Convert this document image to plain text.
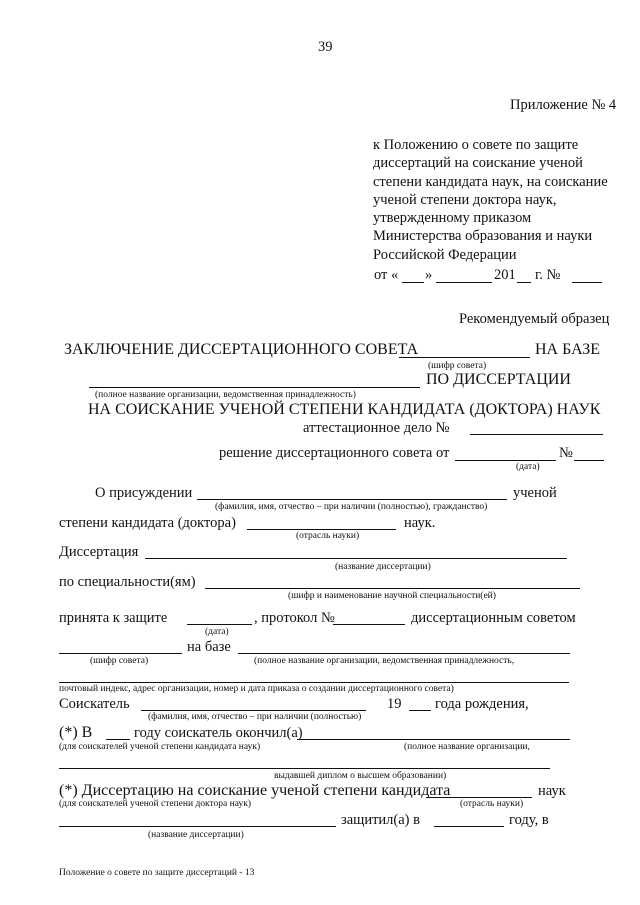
39
Приложение № 4
к Положению о совете по защите
диссертаций на соискание ученой
степени кандидата наук, на соискание
ученой степени доктора наук,
утвержденному приказом
Министерства образования и науки
Российской Федерации
от « »	201 г. №
Рекомендуемый образец
ЗАКЛЮЧЕНИЕ ДИССЕРТАЦИОННОГО СОВЕТА	НА БАЗЕ
(шифр совета)
ПО ДИССЕРТАЦИИ
(полное название организации, ведомственная принадлежность)
НА СОИСКАНИЕ УЧЕНОЙ СТЕПЕНИ КАНДИДАТА (ДОКТОРА) НАУК
аттестационное дело №
решение диссертационного совета от	№
(дата)
О присуждении	ученой
(фамилия, имя, отчество – при наличии (полностью), гражданство)
степени кандидата (доктора)	наук.
(отрасль науки)
Диссертация
(название диссертации)
по специальности(ям)
(шифр и наименование научной специальности(ей)
принята к защите	, протокол №	диссертационным советом
(дата)
на базе
(шифр совета)	(полное название организации, ведомственная принадлежность,
почтовый индекс, адрес организации, номер и дата приказа о создании диссертационного совета)
Соискатель	19 года рождения,
(фамилия, имя, отчество – при наличии (полностью)
(*) В	году соискатель окончил(а)
(для соискателей ученой степени кандидата наук)	(полное название организации,
выдавшей диплом о высшем образовании)
(*) Диссертацию на соискание ученой степени кандидата	наук
(для соискателей ученой степени доктора наук)	(отрасль науки)
защитил(а) в	году, в
(название диссертации)
Положение о совете по защите диссертаций - 13
